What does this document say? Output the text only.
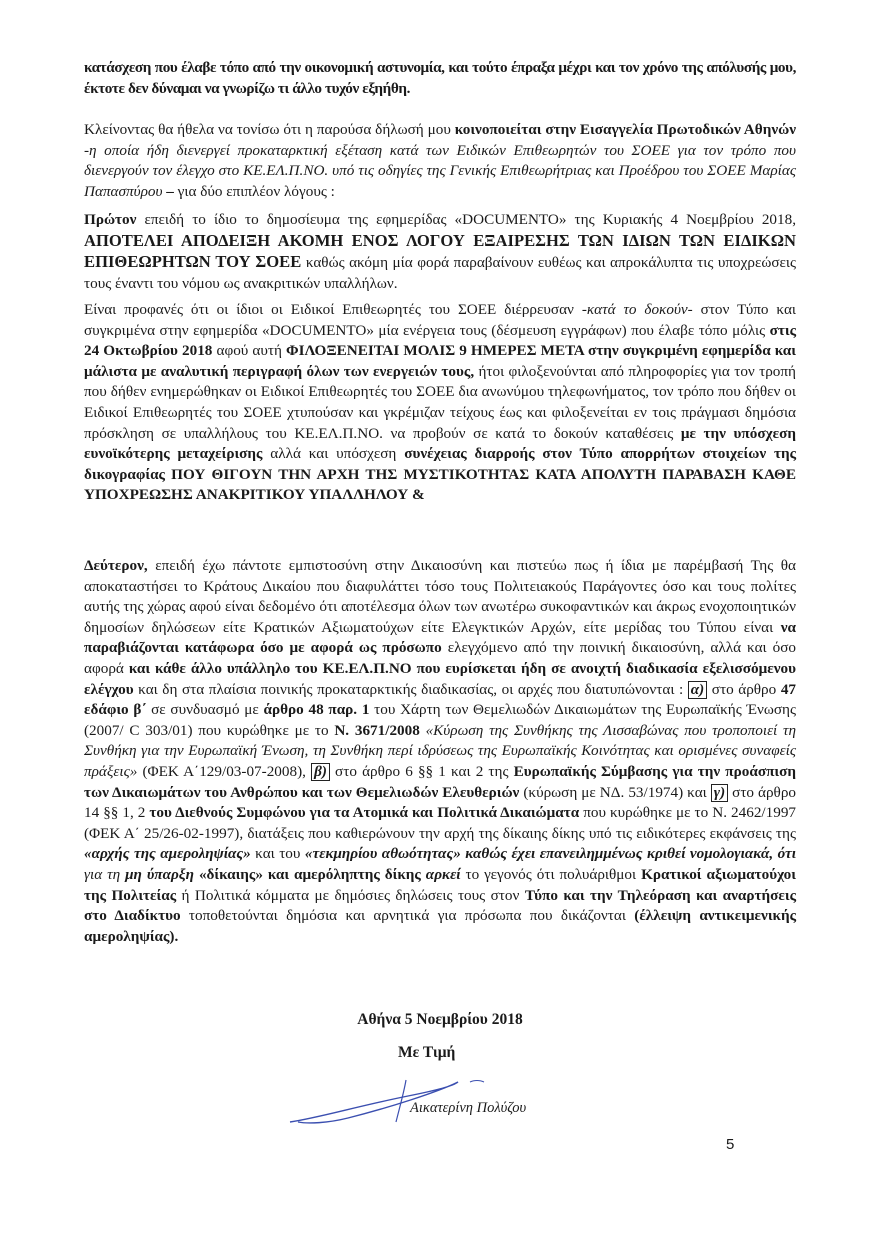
κατάσχεση που έλαβε τόπο από την οικονομική αστυνομία, και τούτο έπραξα μέχρι και τον χρόνο της απόλυσής μου, έκτοτε δεν δύναμαι να γνωρίζω τι άλλο τυχόν εξηήθη.
Κλείνοντας θα ήθελα να τονίσω ότι η παρούσα δήλωσή μου κοινοποιείται στην Εισαγγελία Πρωτοδικών Αθηνών -η οποία ήδη διενεργεί προκαταρκτική εξέταση κατά των Ειδικών Επιθεωρητών του ΣΟΕΕ για τον τρόπο που διενεργούν τον έλεγχο στο ΚΕ.ΕΛ.Π.ΝΟ. υπό τις οδηγίες της Γενικής Επιθεωρήτριας και Προέδρου του ΣΟΕΕ Μαρίας Παπασπύρου – για δύο επιπλέον λόγους :
Πρώτον επειδή το ίδιο το δημοσίευμα της εφημερίδας «DOCUMENTO» της Κυριακής 4 Νοεμβρίου 2018, ΑΠΟΤΕΛΕΙ ΑΠΟΔΕΙΞΗ ΑΚΟΜΗ ΕΝΟΣ ΛΟΓΟΥ ΕΞΑΙΡΕΣΗΣ ΤΩΝ ΙΔΙΩΝ ΤΩΝ ΕΙΔΙΚΩΝ ΕΠΙΘΕΩΡΗΤΩΝ ΤΟΥ ΣΟΕΕ καθώς ακόμη μία φορά παραβαίνουν ευθέως και απροκάλυπτα τις υποχρεώσεις τους έναντι του νόμου ως ανακριτικών υπαλλήλων.
Είναι προφανές ότι οι ίδιοι οι Ειδικοί Επιθεωρητές του ΣΟΕΕ διέρρευσαν -κατά το δοκούν- στον Τύπο και συγκριμένα στην εφημερίδα «DOCUMENTO» μία ενέργεια τους (δέσμευση εγγράφων) που έλαβε τόπο μόλις στις 24 Οκτωβρίου 2018 αφού αυτή ΦΙΛΟΞΕΝΕΙΤΑΙ ΜΟΛΙΣ 9 ΗΜΕΡΕΣ ΜΕΤΑ στην συγκριμένη εφημερίδα και μάλιστα με αναλυτική περιγραφή όλων των ενεργειών τους, ήτοι φιλοξενούνται από πληροφορίες για τον τροπή που δήθεν ενημερώθηκαν οι Ειδικοί Επιθεωρητές του ΣΟΕΕ δια ανωνύμου τηλεφωνήματος, τον τρόπο που δήθεν οι Ειδικοί Επιθεωρητές του ΣΟΕΕ χτυπούσαν και γκρέμιζαν τείχους έως και φιλοξενείται εν τοις πράγμασι δημόσια πρόσκληση σε υπαλλήλους του ΚΕ.ΕΛ.Π.ΝΟ. να προβούν σε κατά το δοκούν καταθέσεις με την υπόσχεση ευνοϊκότερης μεταχείρισης αλλά και υπόσχεση συνέχειας διαρροής στον Τύπο απορρήτων στοιχείων της δικογραφίας ΠΟΥ ΘΙΓΟΥΝ ΤΗΝ ΑΡΧΗ ΤΗΣ ΜΥΣΤΙΚΟΤΗΤΑΣ ΚΑΤΑ ΑΠΟΛΥΤΗ ΠΑΡΑΒΑΣΗ ΚΑΘΕ ΥΠΟΧΡΕΩΣΗΣ ΑΝΑΚΡΙΤΙΚΟΥ ΥΠΑΛΛΗΛΟΥ &
Δεύτερον, επειδή έχω πάντοτε εμπιστοσύνη στην Δικαιοσύνη και πιστεύω πως ή ίδια με παρέμβασή Της θα αποκαταστήσει το Κράτους Δικαίου που διαφυλάττει τόσο τους Πολιτειακούς Παράγοντες όσο και τους πολίτες αυτής της χώρας αφού είναι δεδομένο ότι αποτέλεσμα όλων των ανωτέρω συκοφαντικών και άκρως ενοχοποιητικών δημοσίων δηλώσεων είτε Κρατικών Αξιωματούχων είτε Ελεγκτικών Αρχών, είτε μερίδας του Τύπου είναι να παραβιάζονται κατάφωρα όσο με αφορά ως πρόσωπο ελεγχόμενο από την ποινική δικαιοσύνη, αλλά και όσο αφορά και κάθε άλλο υπάλληλο του ΚΕ.ΕΛ.Π.ΝΟ που ευρίσκεται ήδη σε ανοιχτή διαδικασία εξελισσόμενου ελέγχου και δη στα πλαίσια ποινικής προκαταρκτικής διαδικασίας, οι αρχές που διατυπώνονται : α) στο άρθρο 47 εδάφιο β΄ σε συνδυασμό με άρθρο 48 παρ. 1 του Χάρτη των Θεμελιωδών Δικαιωμάτων της Ευρωπαϊκής Ένωσης (2007/ C 303/01) που κυρώθηκε με το Ν. 3671/2008 «Κύρωση της Συνθήκης της Λισσαβώνας που τροποποιεί τη Συνθήκη για την Ευρωπαϊκή Ένωση, τη Συνθήκη περί ιδρύσεως της Ευρωπαϊκής Κοινότητας και ορισμένες συναφείς πράξεις» (ΦΕΚ Α΄129/03-07-2008), β) στο άρθρο 6 §§ 1 και 2 της Ευρωπαϊκής Σύμβασης για την προάσπιση των Δικαιωμάτων του Ανθρώπου και των Θεμελιωδών Ελευθεριών (κύρωση με ΝΔ. 53/1974) και γ) στο άρθρο 14 §§ 1, 2 του Διεθνούς Συμφώνου για τα Ατομικά και Πολιτικά Δικαιώματα που κυρώθηκε με το Ν. 2462/1997 (ΦΕΚ Α΄ 25/26-02-1997), διατάξεις που καθιερώνουν την αρχή της δίκαιης δίκης υπό τις ειδικότερες εκφάνσεις της «αρχής της αμεροληψίας» και του «τεκμηρίου αθωότητας» καθώς έχει επανειλημμένως κριθεί νομολογιακά, ότι για τη μη ύπαρξη «δίκαιης» και αμερόληπτης δίκης αρκεί το γεγονός ότι πολυάριθμοι Κρατικοί αξιωματούχοι της Πολιτείας ή Πολιτικά κόμματα με δημόσιες δηλώσεις τους στον Τύπο και την Τηλεόραση και αναρτήσεις στο Διαδίκτυο τοποθετούνται δημόσια και αρνητικά για πρόσωπα που δικάζονται (έλλειψη αντικειμενικής αμεροληψίας).
Αθήνα 5 Νοεμβρίου 2018
Με Τιμή
Αικατερίνη Πολύζου
5
